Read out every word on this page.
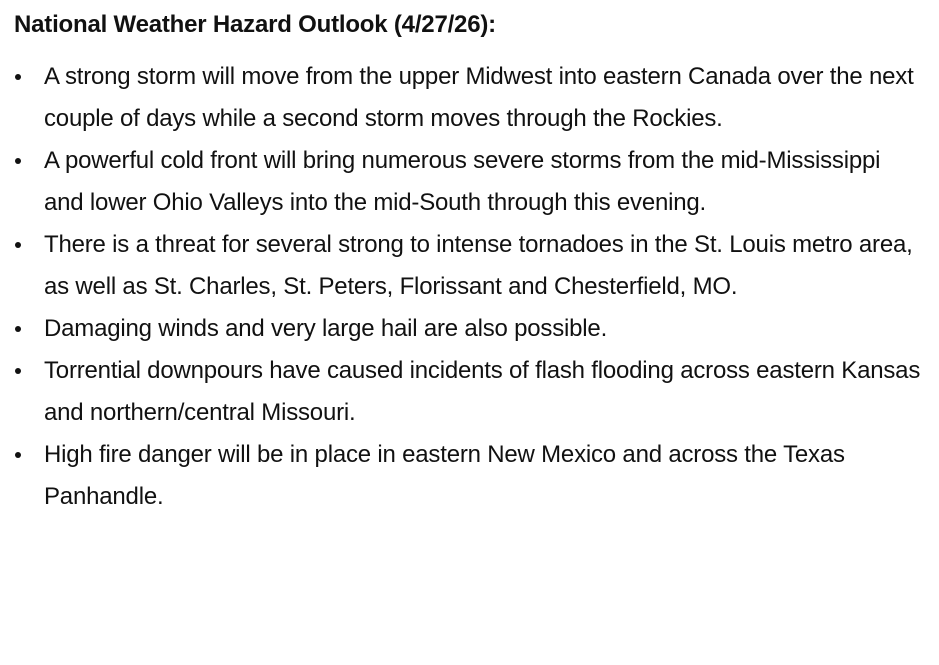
National Weather Hazard Outlook (4/27/26):
A strong storm will move from the upper Midwest into eastern Canada over the next couple of days while a second storm moves through the Rockies.
A powerful cold front will bring numerous severe storms from the mid-Mississippi and lower Ohio Valleys into the mid-South through this evening.
There is a threat for several strong to intense tornadoes in the St. Louis metro area, as well as St. Charles, St. Peters, Florissant and Chesterfield, MO.
Damaging winds and very large hail are also possible.
Torrential downpours have caused incidents of flash flooding across eastern Kansas and northern/central Missouri.
High fire danger will be in place in eastern New Mexico and across the Texas Panhandle.
